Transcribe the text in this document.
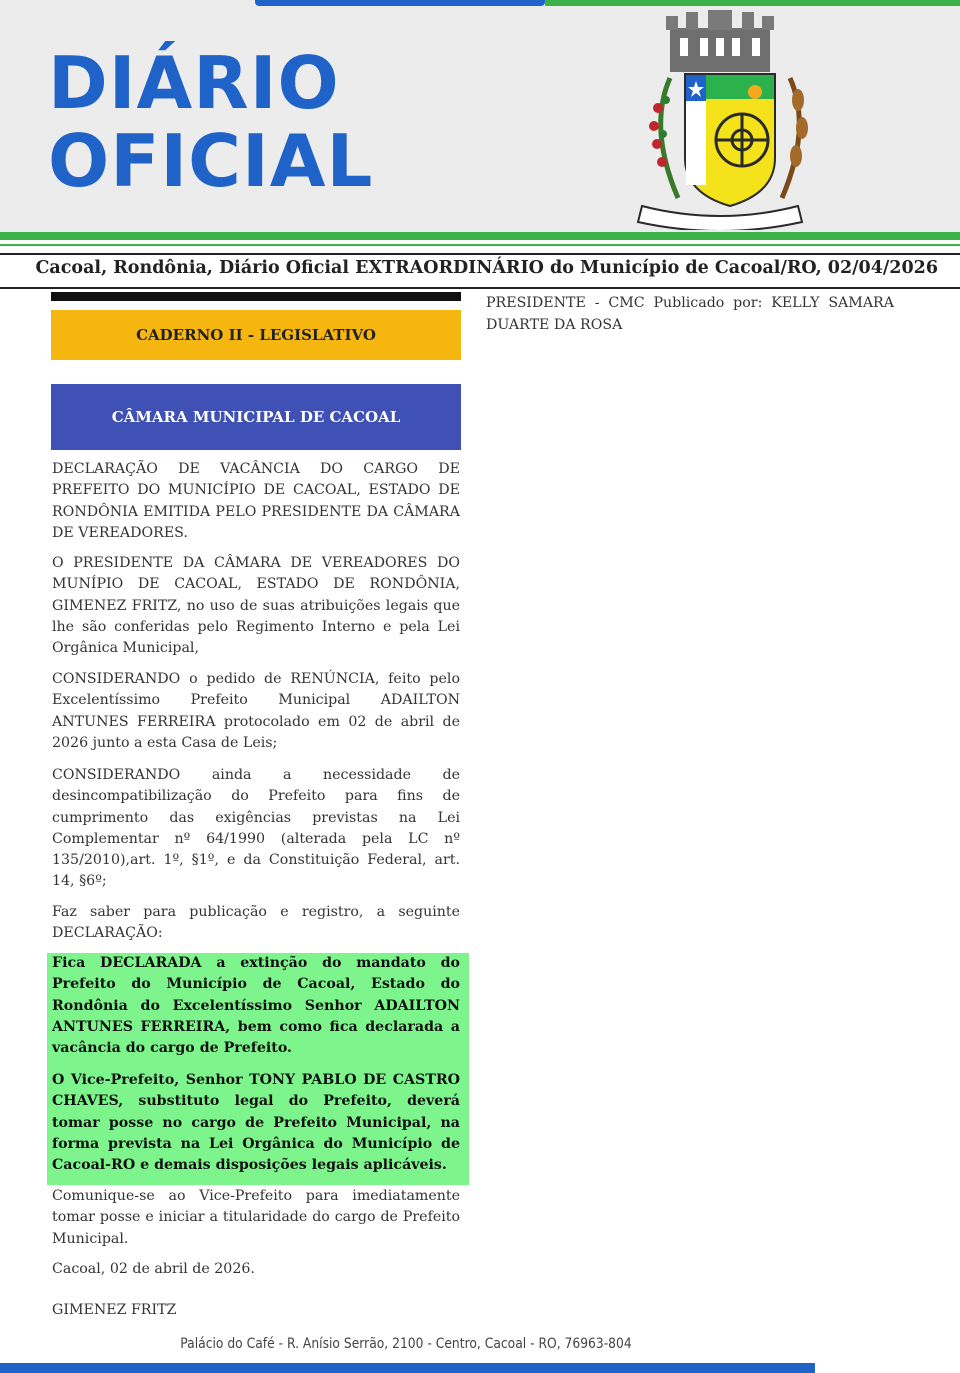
DIÁRIO
OFICIAL
Cacoal, Rondônia, Diário Oficial EXTRAORDINÁRIO do Município de Cacoal/RO, 02/04/2026
CADERNO II - LEGISLATIVO
CÂMARA MUNICIPAL DE CACOAL

DECLARAÇÃO DE VACÂNCIA DO CARGO DE PREFEITO DO MUNICÍPIO DE CACOAL, ESTADO DE RONDÔNIA EMITIDA PELO PRESIDENTE DA CÂMARA DE VEREADORES.

O PRESIDENTE DA CÂMARA DE VEREADORES DO MUNÍPIO DE CACOAL, ESTADO DE RONDÔNIA, GIMENEZ FRITZ, no uso de suas atribuições legais que lhe são conferidas pelo Regimento Interno e pela Lei Orgânica Municipal,

CONSIDERANDO o pedido de RENÚNCIA, feito pelo Excelentíssimo Prefeito Municipal ADAILTON ANTUNES FERREIRA protocolado em 02 de abril de 2026 junto a esta Casa de Leis;

CONSIDERANDO ainda a necessidade de desincompatibilização do Prefeito para fins de cumprimento das exigências previstas na Lei Complementar nº 64/1990 (alterada pela LC nº 135/2010),art. 1º, §1º, e da Constituição Federal, art. 14, §6º;

Faz saber para publicação e registro, a seguinte DECLARAÇÃO:

Fica DECLARADA a extinção do mandato do Prefeito do Município de Cacoal, Estado do Rondônia do Excelentíssimo Senhor ADAILTON ANTUNES FERREIRA, bem como fica declarada a vacância do cargo de Prefeito.

O Vice-Prefeito, Senhor TONY PABLO DE CASTRO CHAVES, substituto legal do Prefeito, deverá tomar posse no cargo de Prefeito Municipal, na forma prevista na Lei Orgânica do Município de Cacoal-RO e demais disposições legais aplicáveis.

Comunique-se ao Vice-Prefeito para imediatamente tomar posse e iniciar a titularidade do cargo de Prefeito Municipal.

Cacoal, 02 de abril de 2026.

GIMENEZ FRITZ

PRESIDENTE - CMC Publicado por: KELLY SAMARA DUARTE DA ROSA

Palácio do Café - R. Anísio Serrão, 2100 - Centro, Cacoal - RO, 76963-804
